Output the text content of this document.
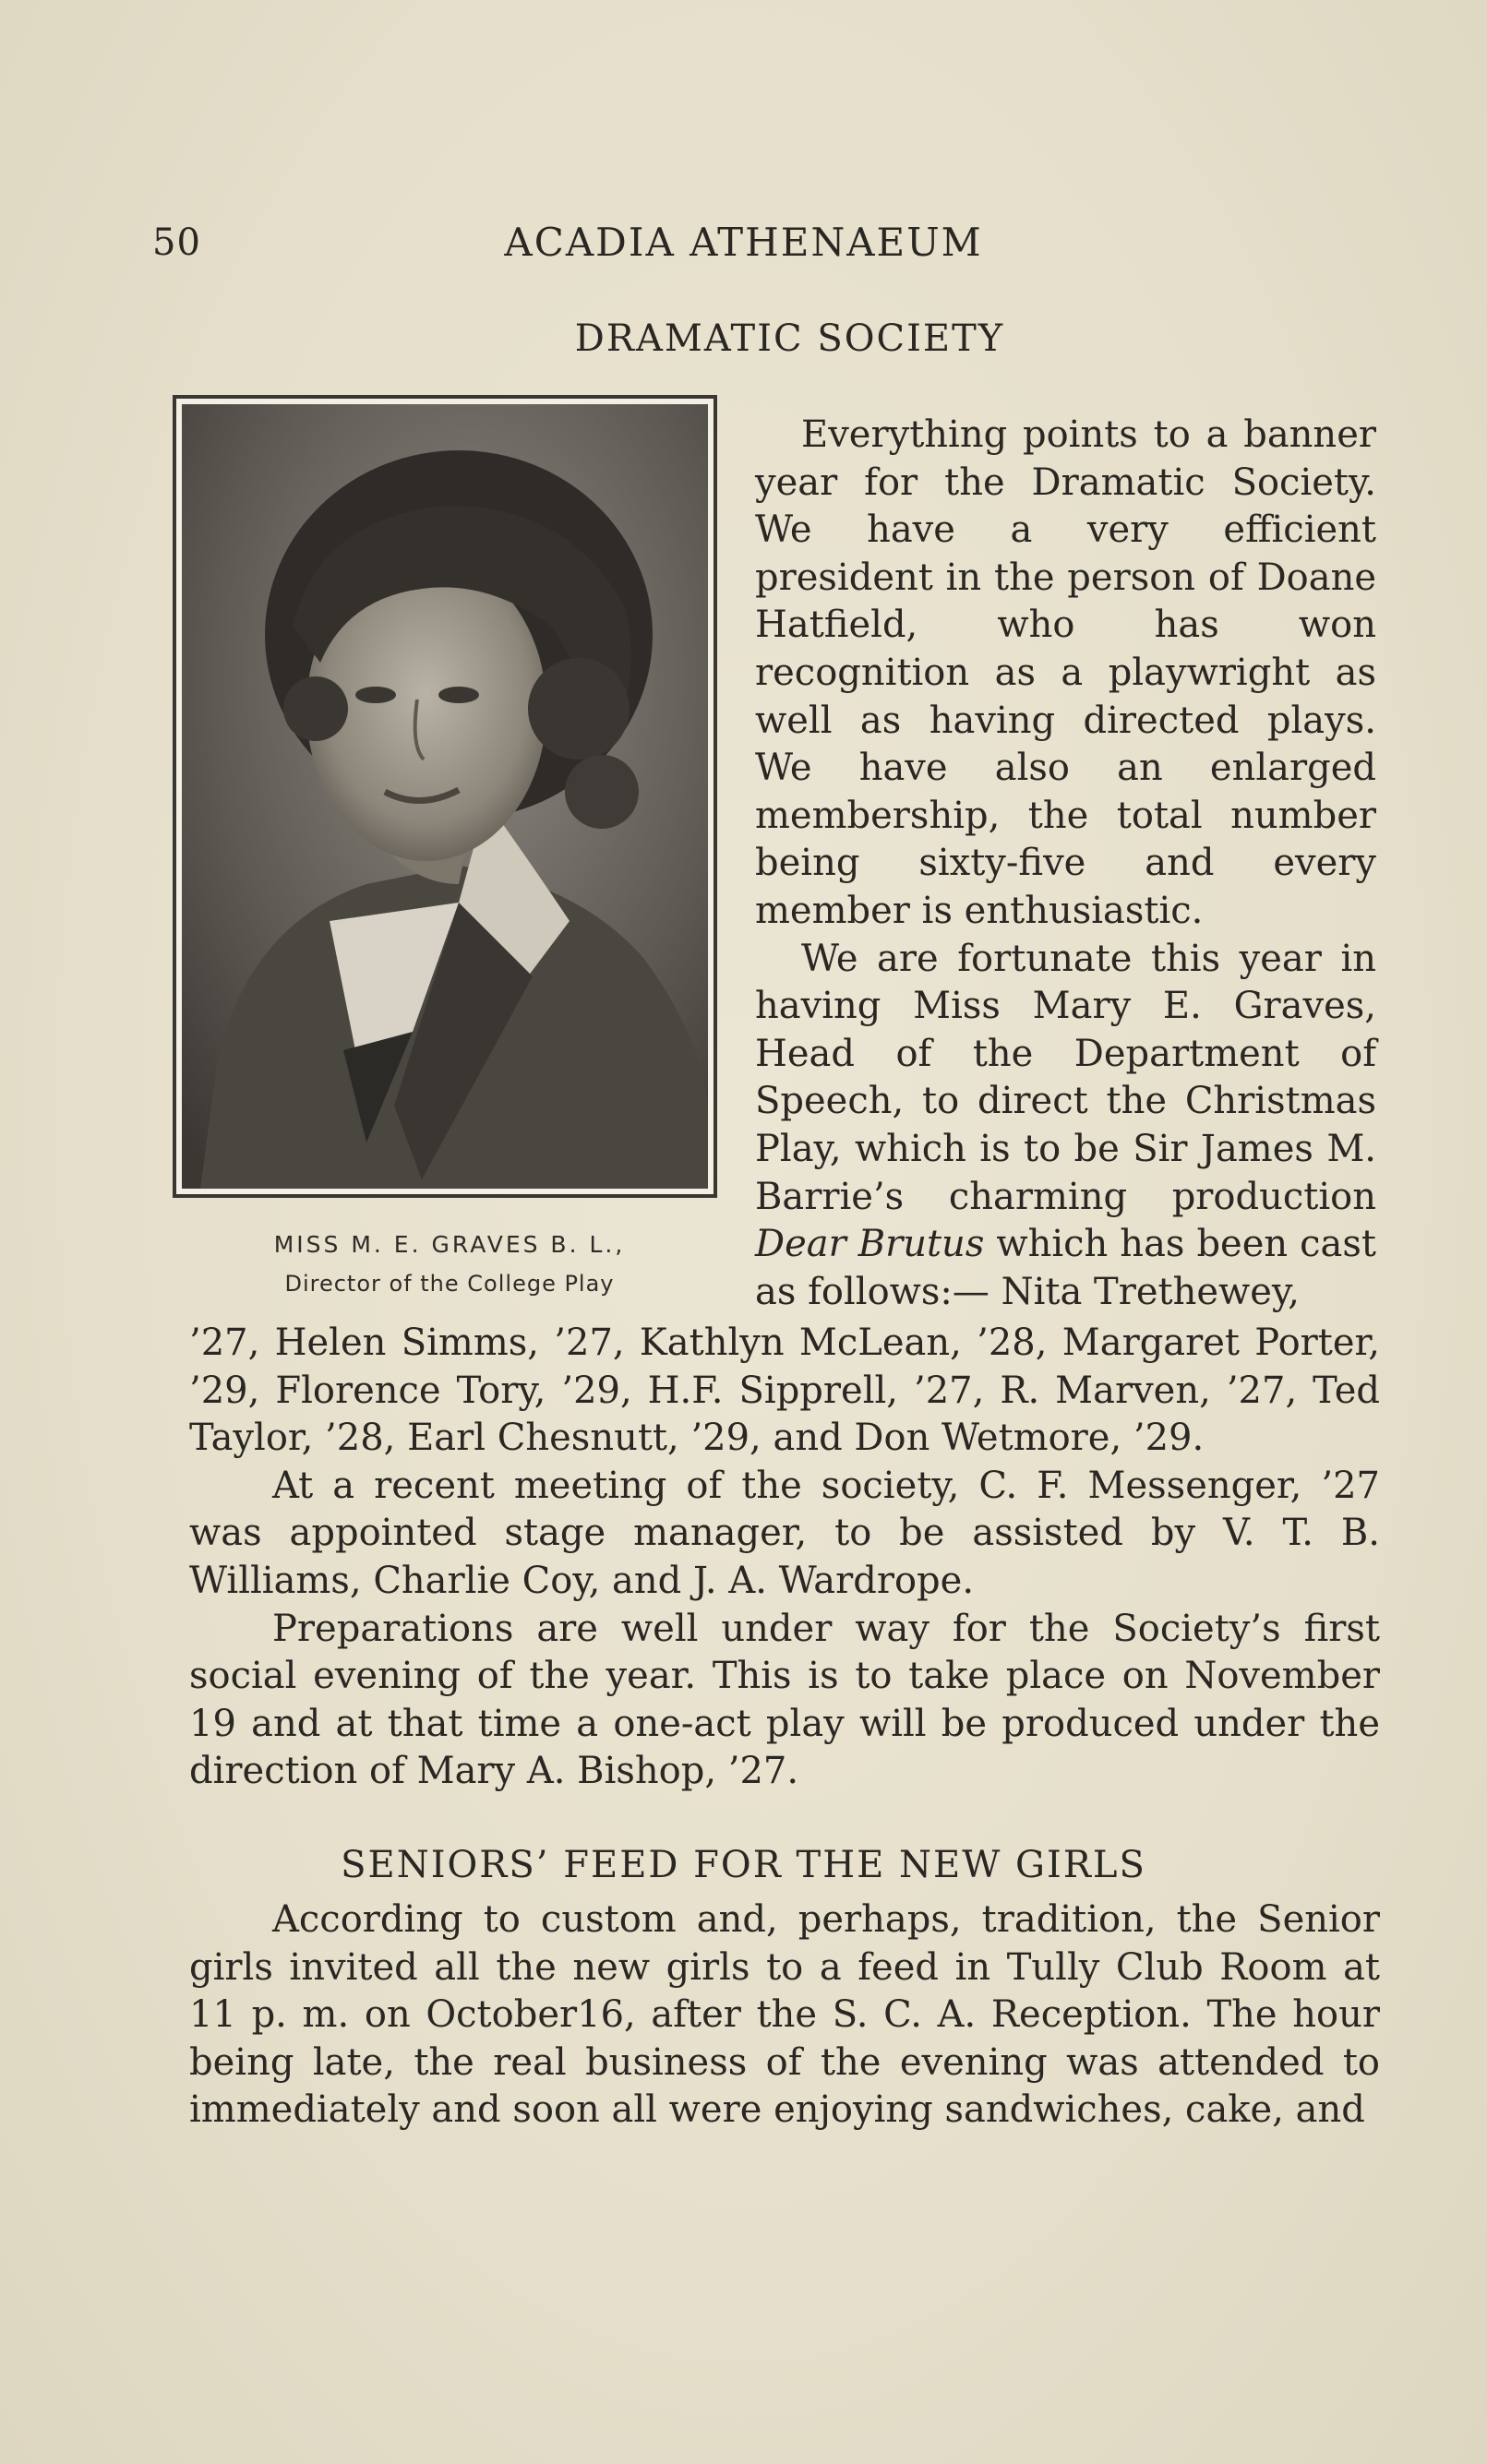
50	ACADIA ATHENAEUM
DRAMATIC SOCIETY
MISS M. E. GRAVES B. L.,
Director of the College Play

Everything points to a banner year for the Dramatic Society. We have a very efficient president in the person of Doane Hatfield, who has won recognition as a playwright as well as having directed plays. We have also an enlarged membership, the total number being sixty-five and every member is enthusiastic.

We are fortunate this year in having Miss Mary E. Graves, Head of the Department of Speech, to direct the Christmas Play, which is to be Sir James M. Barrie’s charming production Dear Brutus which has been cast as follows:— Nita Trethewey,

’27, Helen Simms, ’27, Kathlyn McLean, ’28, Margaret Porter, ’29, Florence Tory, ’29, H.F. Sipprell, ’27, R. Marven, ’27, Ted Taylor, ’28, Earl Chesnutt, ’29, and Don Wetmore, ’29.

At a recent meeting of the society, C. F. Messenger, ’27 was appointed stage manager, to be assisted by V. T. B. Williams, Charlie Coy, and J. A. Wardrope.

Preparations are well under way for the Society’s first social evening of the year. This is to take place on November 19 and at that time a one-act play will be produced under the direction of Mary A. Bishop, ’27.

SENIORS’ FEED FOR THE NEW GIRLS

According to custom and, perhaps, tradition, the Senior girls invited all the new girls to a feed in Tully Club Room at 11 p. m. on October16, after the S. C. A. Reception. The hour being late, the real business of the evening was attended to immediately and soon all were enjoying sandwiches, cake, and
